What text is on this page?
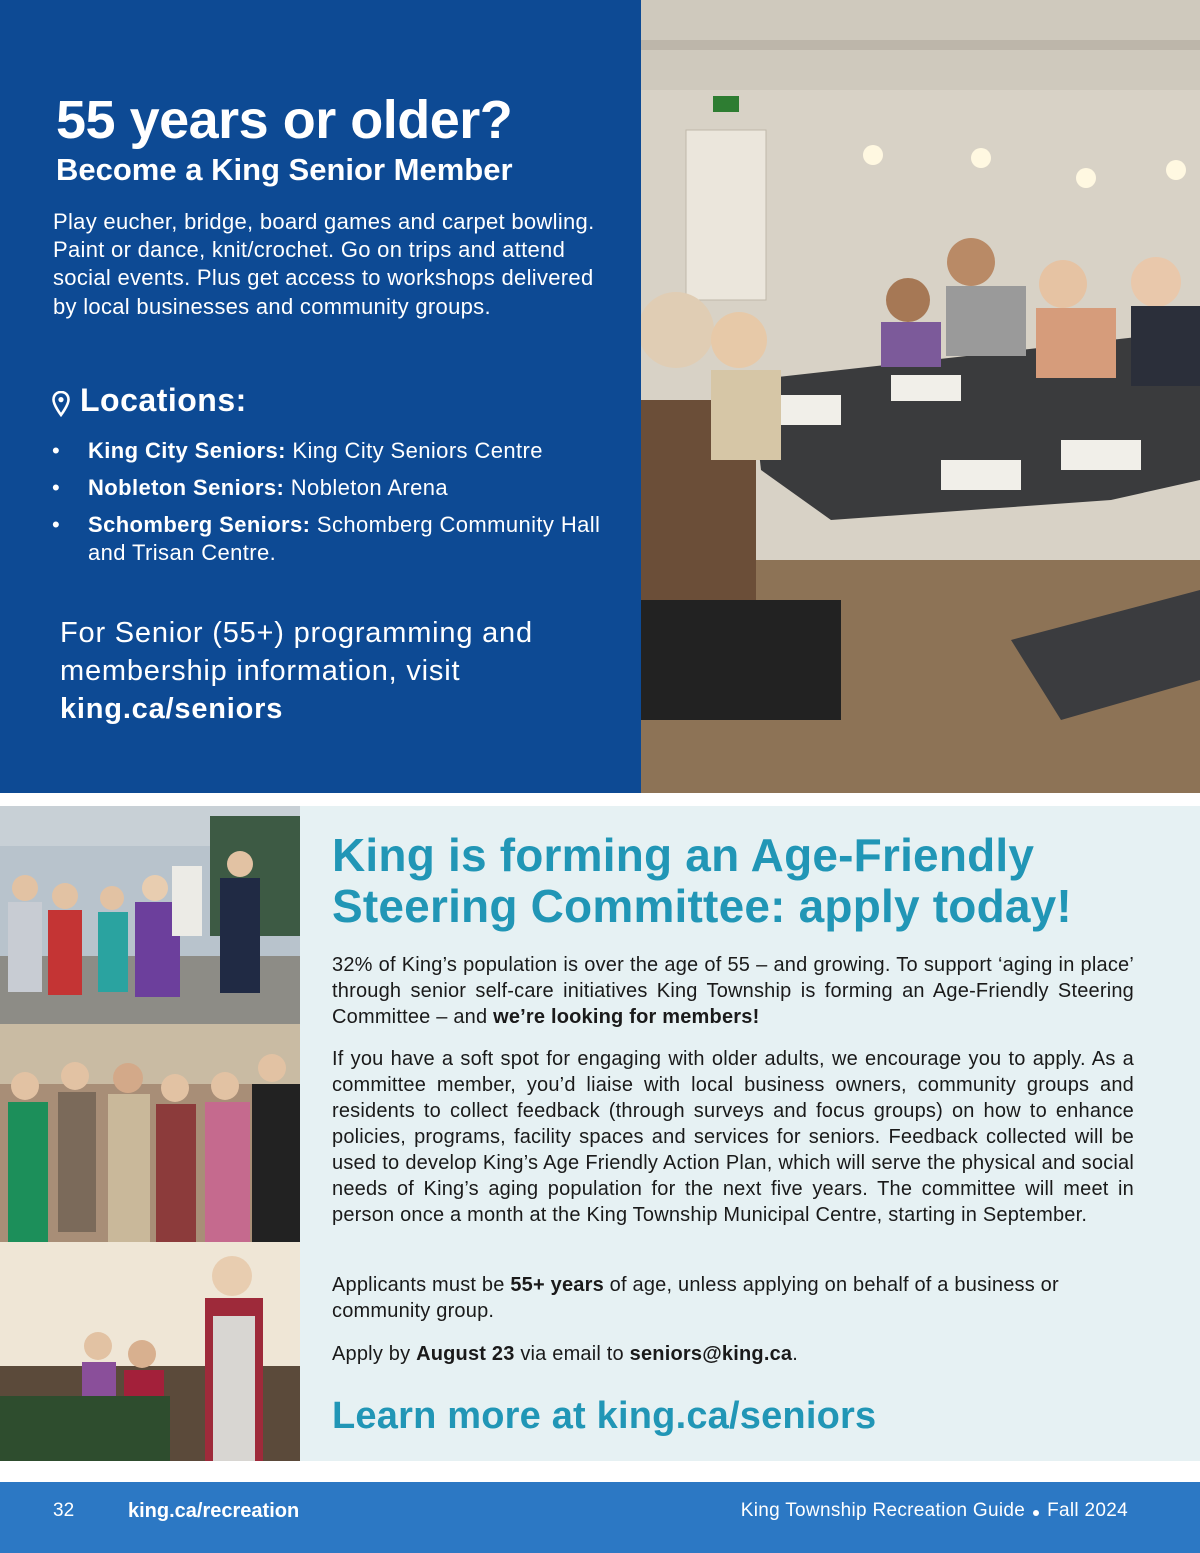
55 years or older?
Become a King Senior Member

Play eucher, bridge, board games and carpet bowling. Paint or dance, knit/crochet. Go on trips and attend social events. Plus get access to workshops delivered by local businesses and community groups.

Locations:
• King City Seniors: King City Seniors Centre
• Nobleton Seniors: Nobleton Arena
• Schomberg Seniors: Schomberg Community Hall and Trisan Centre.

For Senior (55+) programming and membership information, visit king.ca/seniors

King is forming an Age-Friendly Steering Committee: apply today!

32% of King’s population is over the age of 55 – and growing. To support ‘aging in place’ through senior self-care initiatives King Township is forming an Age-Friendly Steering Committee – and we’re looking for members!

If you have a soft spot for engaging with older adults, we encourage you to apply. As a committee member, you’d liaise with local business owners, community groups and residents to collect feedback (through surveys and focus groups) on how to enhance policies, programs, facility spaces and services for seniors. Feedback collected will be used to develop King’s Age Friendly Action Plan, which will serve the physical and social needs of King’s aging population for the next five years. The committee will meet in person once a month at the King Township Municipal Centre, starting in September.

Applicants must be 55+ years of age, unless applying on behalf of a business or community group.

Apply by August 23 via email to seniors@king.ca.

Learn more at king.ca/seniors
32	king.ca/recreation	King Township Recreation Guide Fall 2024
